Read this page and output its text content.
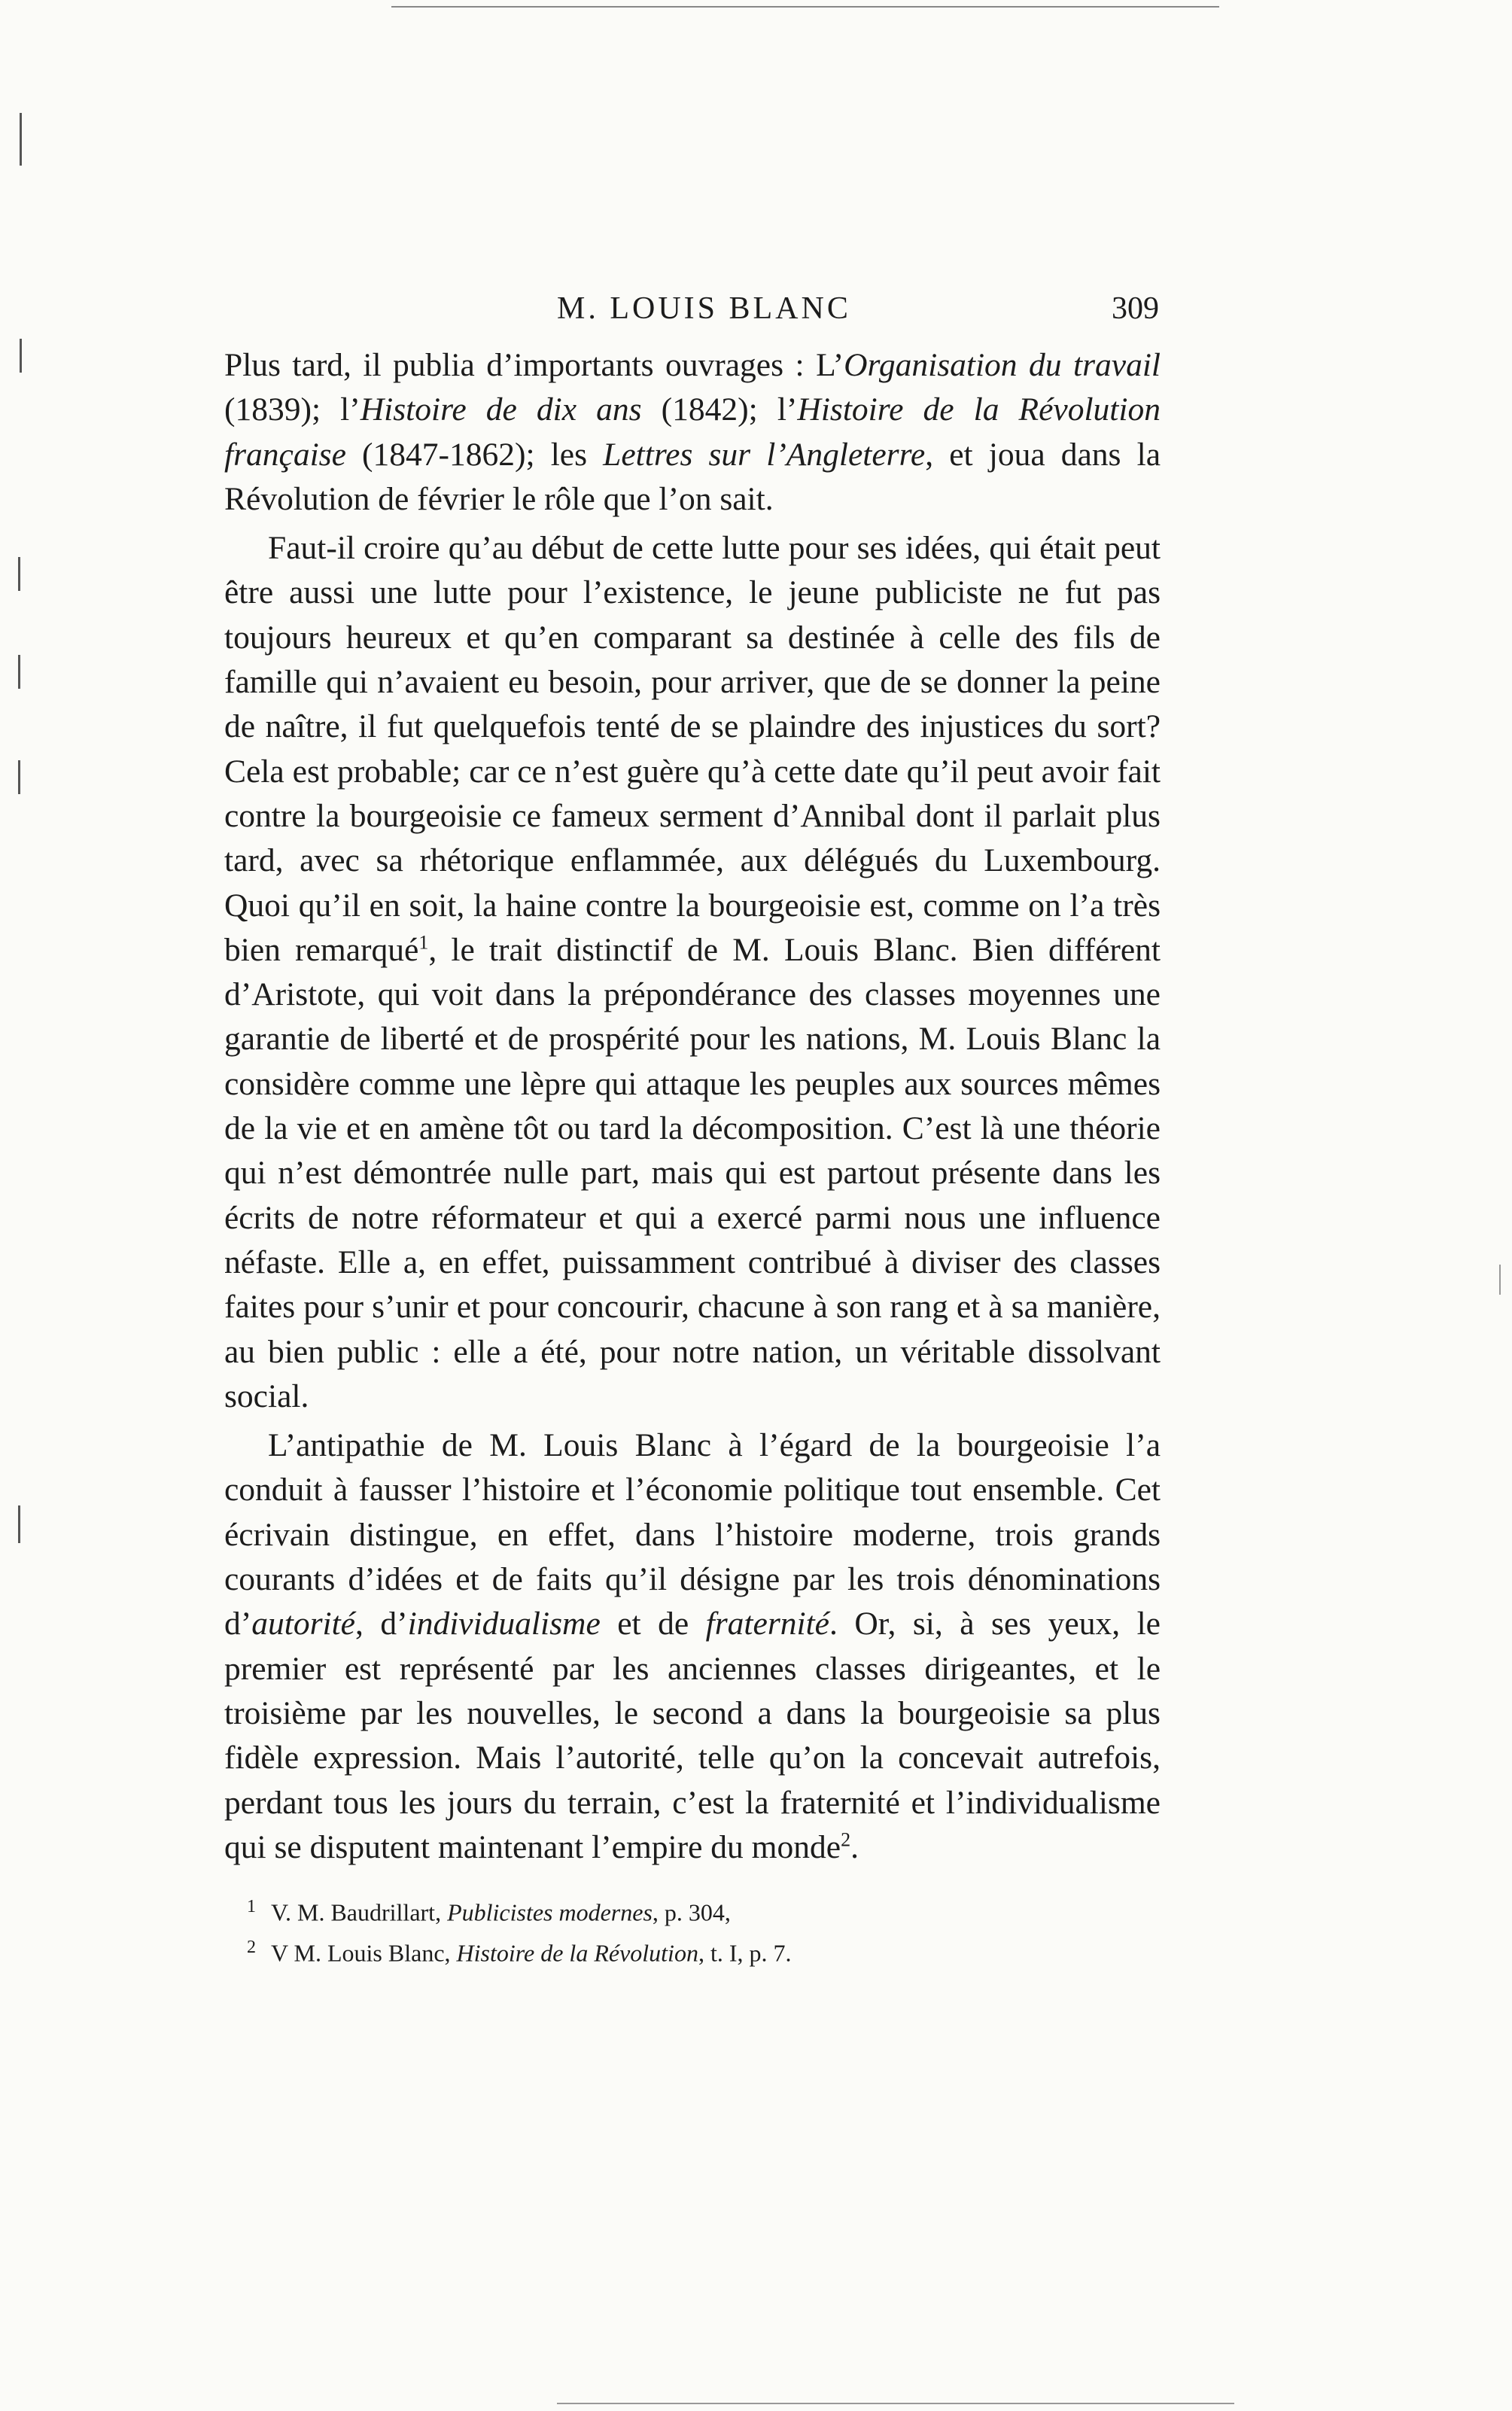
M. LOUIS BLANC	309

Plus tard, il publia d’importants ouvrages : L’Organisation du travail (1839); l’Histoire de dix ans (1842); l’Histoire de la Révolution française (1847-1862); les Lettres sur l’Angleterre, et joua dans la Révolution de février le rôle que l’on sait.

Faut-il croire qu’au début de cette lutte pour ses idées, qui était peut être aussi une lutte pour l’existence, le jeune publiciste ne fut pas toujours heureux et qu’en comparant sa destinée à celle des fils de famille qui n’avaient eu besoin, pour arriver, que de se donner la peine de naître, il fut quelquefois tenté de se plaindre des injustices du sort? Cela est probable; car ce n’est guère qu’à cette date qu’il peut avoir fait contre la bourgeoisie ce fameux serment d’Annibal dont il parlait plus tard, avec sa rhétorique enflammée, aux délégués du Luxembourg. Quoi qu’il en soit, la haine contre la bourgeoisie est, comme on l’a très bien remarqué$^1$, le trait distinctif de M. Louis Blanc. Bien différent d’Aristote, qui voit dans la prépondérance des classes moyennes une garantie de liberté et de prospérité pour les nations, M. Louis Blanc la considère comme une lèpre qui attaque les peuples aux sources mêmes de la vie et en amène tôt ou tard la décomposition. C’est là une théorie qui n’est démontrée nulle part, mais qui est partout présente dans les écrits de notre réformateur et qui a exercé parmi nous une influence néfaste. Elle a, en effet, puissamment contribué à diviser des classes faites pour s’unir et pour concourir, chacune à son rang et à sa manière, au bien public : elle a été, pour notre nation, un véritable dissolvant social.

L’antipathie de M. Louis Blanc à l’égard de la bourgeoisie l’a conduit à fausser l’histoire et l’économie politique tout ensemble. Cet écrivain distingue, en effet, dans l’histoire moderne, trois grands courants d’idées et de faits qu’il désigne par les trois dénominations d’autorité, d’individualisme et de fraternité. Or, si, à ses yeux, le premier est représenté par les anciennes classes dirigeantes, et le troisième par les nouvelles, le second a dans la bourgeoisie sa plus fidèle expression. Mais l’autorité, telle qu’on la concevait autrefois, perdant tous les jours du terrain, c’est la fraternité et l’individualisme qui se disputent maintenant l’empire du monde$^2$.

$^1$ V. M. Baudrillart, Publicistes modernes, p. 304,

$^2$ V M. Louis Blanc, Histoire de la Révolution, t. I, p. 7.
